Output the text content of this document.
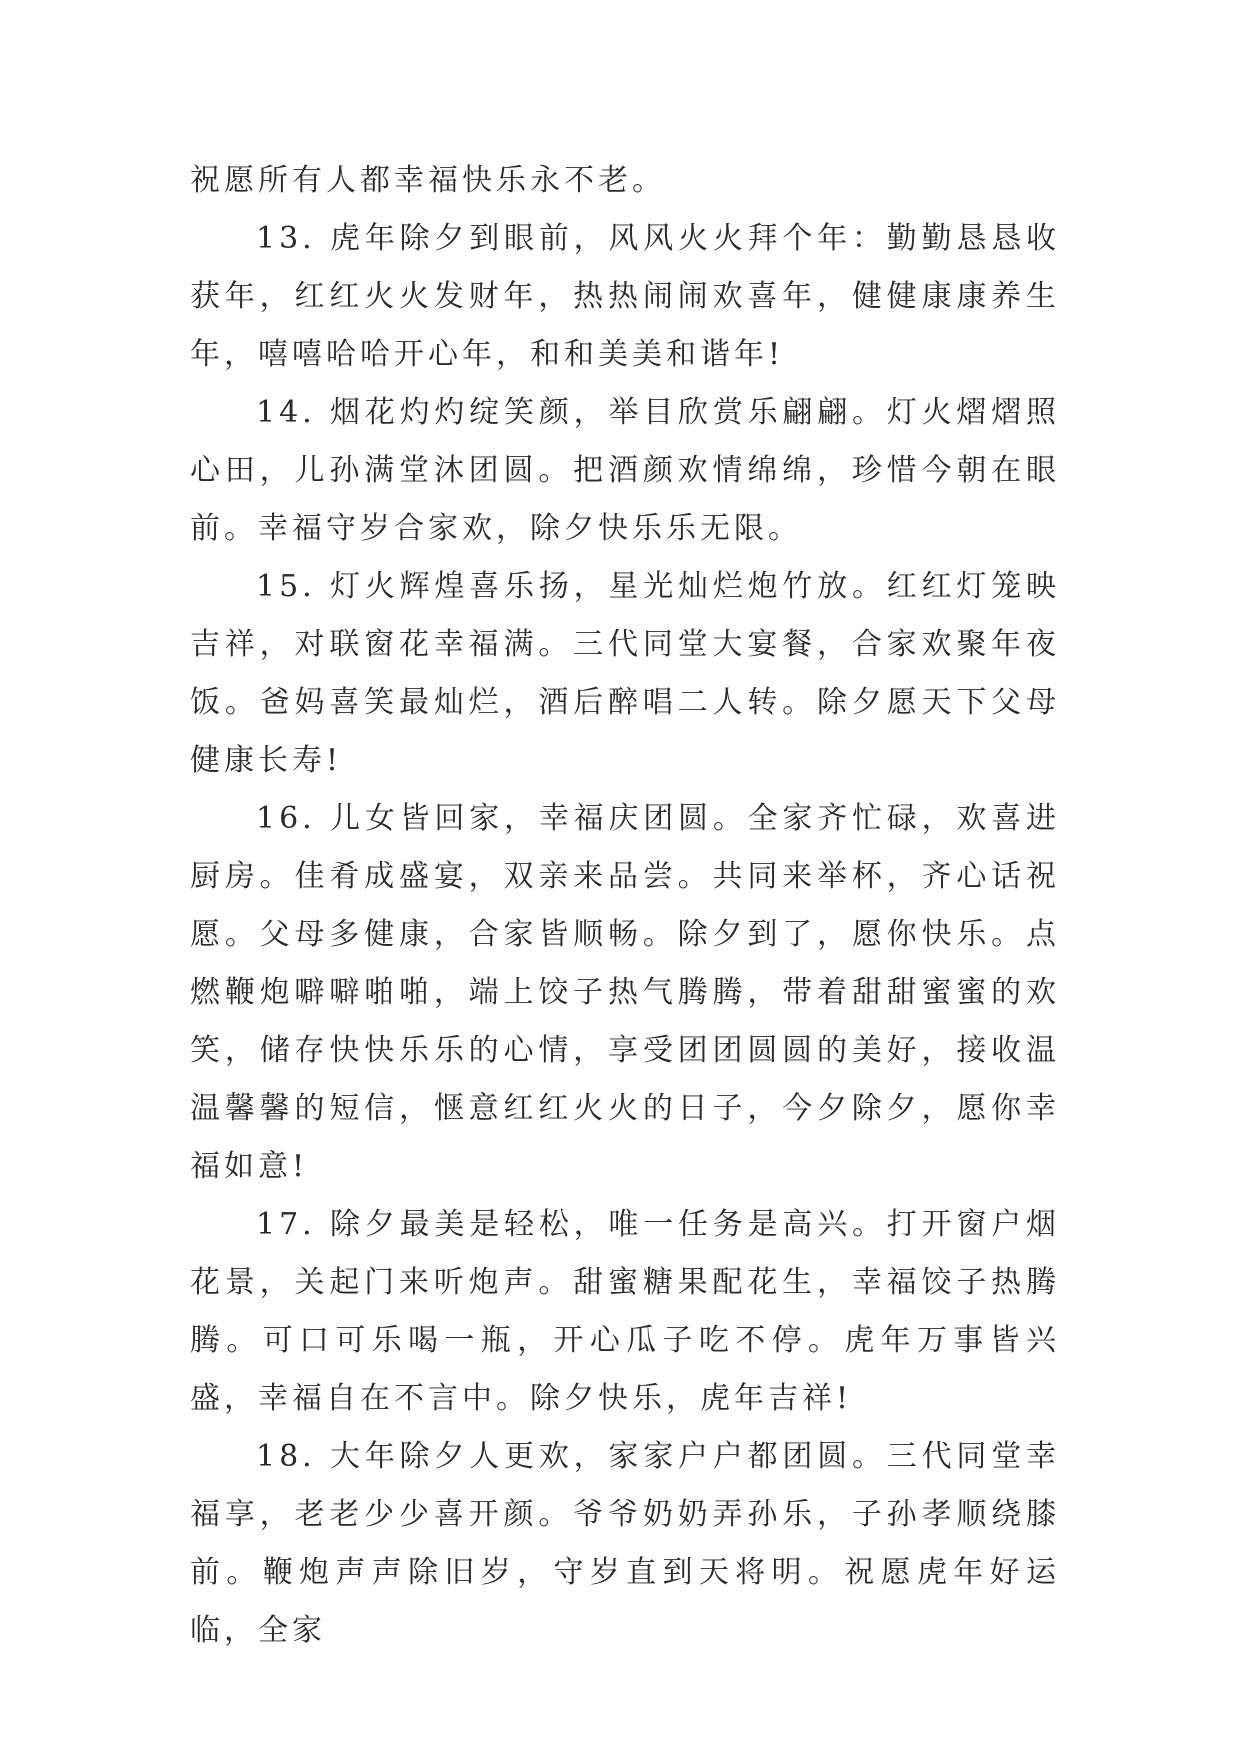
祝愿所有人都幸福快乐永不老。

13. 虎年除夕到眼前，风风火火拜个年：勤勤恳恳收获年，红红火火发财年，热热闹闹欢喜年，健健康康养生年，嘻嘻哈哈开心年，和和美美和谐年!

14. 烟花灼灼绽笑颜，举目欣赏乐翩翩。灯火熠熠照心田，儿孙满堂沐团圆。把酒颜欢情绵绵，珍惜今朝在眼前。幸福守岁合家欢，除夕快乐乐无限。

15. 灯火辉煌喜乐扬，星光灿烂炮竹放。红红灯笼映吉祥，对联窗花幸福满。三代同堂大宴餐，合家欢聚年夜饭。爸妈喜笑最灿烂，酒后醉唱二人转。除夕愿天下父母健康长寿!

16. 儿女皆回家，幸福庆团圆。全家齐忙碌，欢喜进厨房。佳肴成盛宴，双亲来品尝。共同来举杯，齐心话祝愿。父母多健康，合家皆顺畅。除夕到了，愿你快乐。点燃鞭炮噼噼啪啪，端上饺子热气腾腾，带着甜甜蜜蜜的欢笑，储存快快乐乐的心情，享受团团圆圆的美好，接收温温馨馨的短信，惬意红红火火的日子，今夕除夕，愿你幸福如意!

17. 除夕最美是轻松，唯一任务是高兴。打开窗户烟花景，关起门来听炮声。甜蜜糖果配花生，幸福饺子热腾腾。可口可乐喝一瓶，开心瓜子吃不停。虎年万事皆兴盛，幸福自在不言中。除夕快乐，虎年吉祥!

18. 大年除夕人更欢，家家户户都团圆。三代同堂幸福享，老老少少喜开颜。爷爷奶奶弄孙乐，子孙孝顺绕膝前。鞭炮声声除旧岁，守岁直到天将明。祝愿虎年好运临，全家
